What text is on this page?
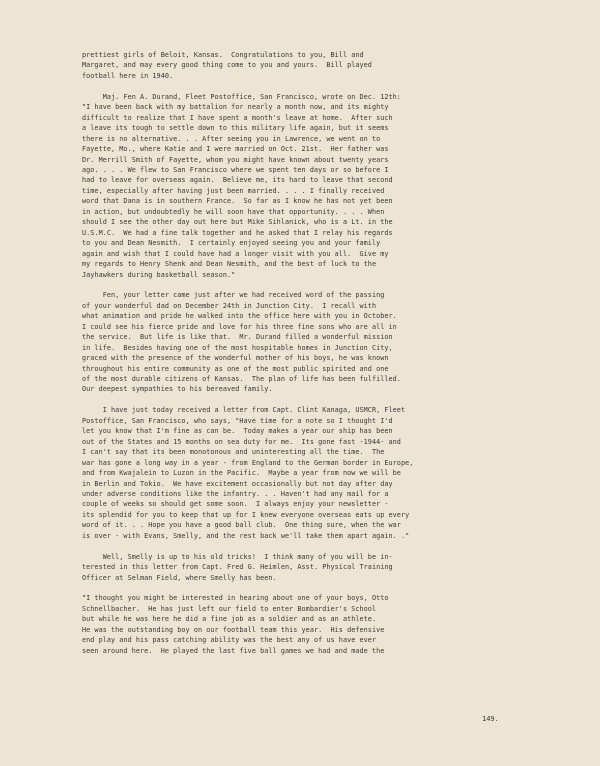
prettiest girls of Beloit, Kansas.  Congratulations to you, Bill and
Margaret, and may every good thing come to you and yours.  Bill played
football here in 1940.

Maj. Fen A. Durand, Fleet Postoffice, San Francisco, wrote on Dec. 12th:
"I have been back with my battalion for nearly a month now, and its mighty
difficult to realize that I have spent a month's leave at home.  After such
a leave its tough to settle down to this military life again, but it seems
there is no alternative. . . After seeing you in Lawrence, we went on to
Fayette, Mo., where Katie and I were married on Oct. 21st.  Her father was
Dr. Merrill Smith of Fayette, whom you might have known about twenty years
ago. . . . We flew to San Francisco where we spent ten days or so before I
had to leave for overseas again.  Believe me, its hard to leave that second
time, especially after having just been married. . . . I finally received
word that Dana is in southern France.  So far as I know he has not yet been
in action, but undoubtedly he will soon have that opportunity. . . . When
should I see the other day out here but Mike Sihlanick, who is a Lt. in the
U.S.M.C.  We had a fine talk together and he asked that I relay his regards
to you and Dean Nesmith.  I certainly enjoyed seeing you and your family
again and wish that I could have had a longer visit with you all.  Give my
my regards to Henry Shenk and Dean Nesmith, and the best of luck to the
Jayhawkers during basketball season."

Fen, your letter came just after we had received word of the passing
of your wonderful dad on December 24th in Junction City.  I recall with
what animation and pride he walked into the office here with you in October.
I could see his fierce pride and love for his three fine sons who are all in
the service.  But life is like that.  Mr. Durand filled a wonderful mission
in life.  Besides having one of the most hospitable homes in Junction City,
graced with the presence of the wonderful mother of his boys, he was known
throughout his entire community as one of the most public spirited and one
of the most durable citizens of Kansas.  The plan of life has been fulfilled.
Our deepest sympathies to his bereaved family.

I have just today received a letter from Capt. Clint Kanaga, USMCR, Fleet
Postoffice, San Francisco, who says, "Have time for a note so I thought I'd
let you know that I'm fine as can be.  Today makes a year our ship has been
out of the States and 15 months on sea duty for me.  Its gone fast -1944- and
I can't say that its been monotonous and uninteresting all the time.  The
war has gone a long way in a year - from England to the German border in Europe,
and from Kwajalein to Luzon in the Pacific.  Maybe a year from now we will be
in Berlin and Tokio.  We have excitement occasionally but not day after day
under adverse conditions like the infantry. . . Haven't had any mail for a
couple of weeks so should get some soon.  I always enjoy your newsletter -
its splendid for you to keep that up for I knew everyone overseas eats up every
word of it. . . Hope you have a good ball club.  One thing sure, when the war
is over - with Evans, Smelly, and the rest back we'll take them apart again. ."

Well, Smelly is up to his old tricks!  I think many of you will be in-
terested in this letter from Capt. Fred G. Heimlen, Asst. Physical Training
Officer at Selman Field, where Smelly has been.

"I thought you might be interested in hearing about one of your boys, Otto
Schnellbacher.  He has just left our field to enter Bombardier's School
but while he was here he did a fine job as a soldier and as an athlete.
He was the outstanding boy on our football team this year.  His defensive
end play and his pass catching ability was the best any of us have ever
seen around here.  He played the last five ball games we had and made the

149.
